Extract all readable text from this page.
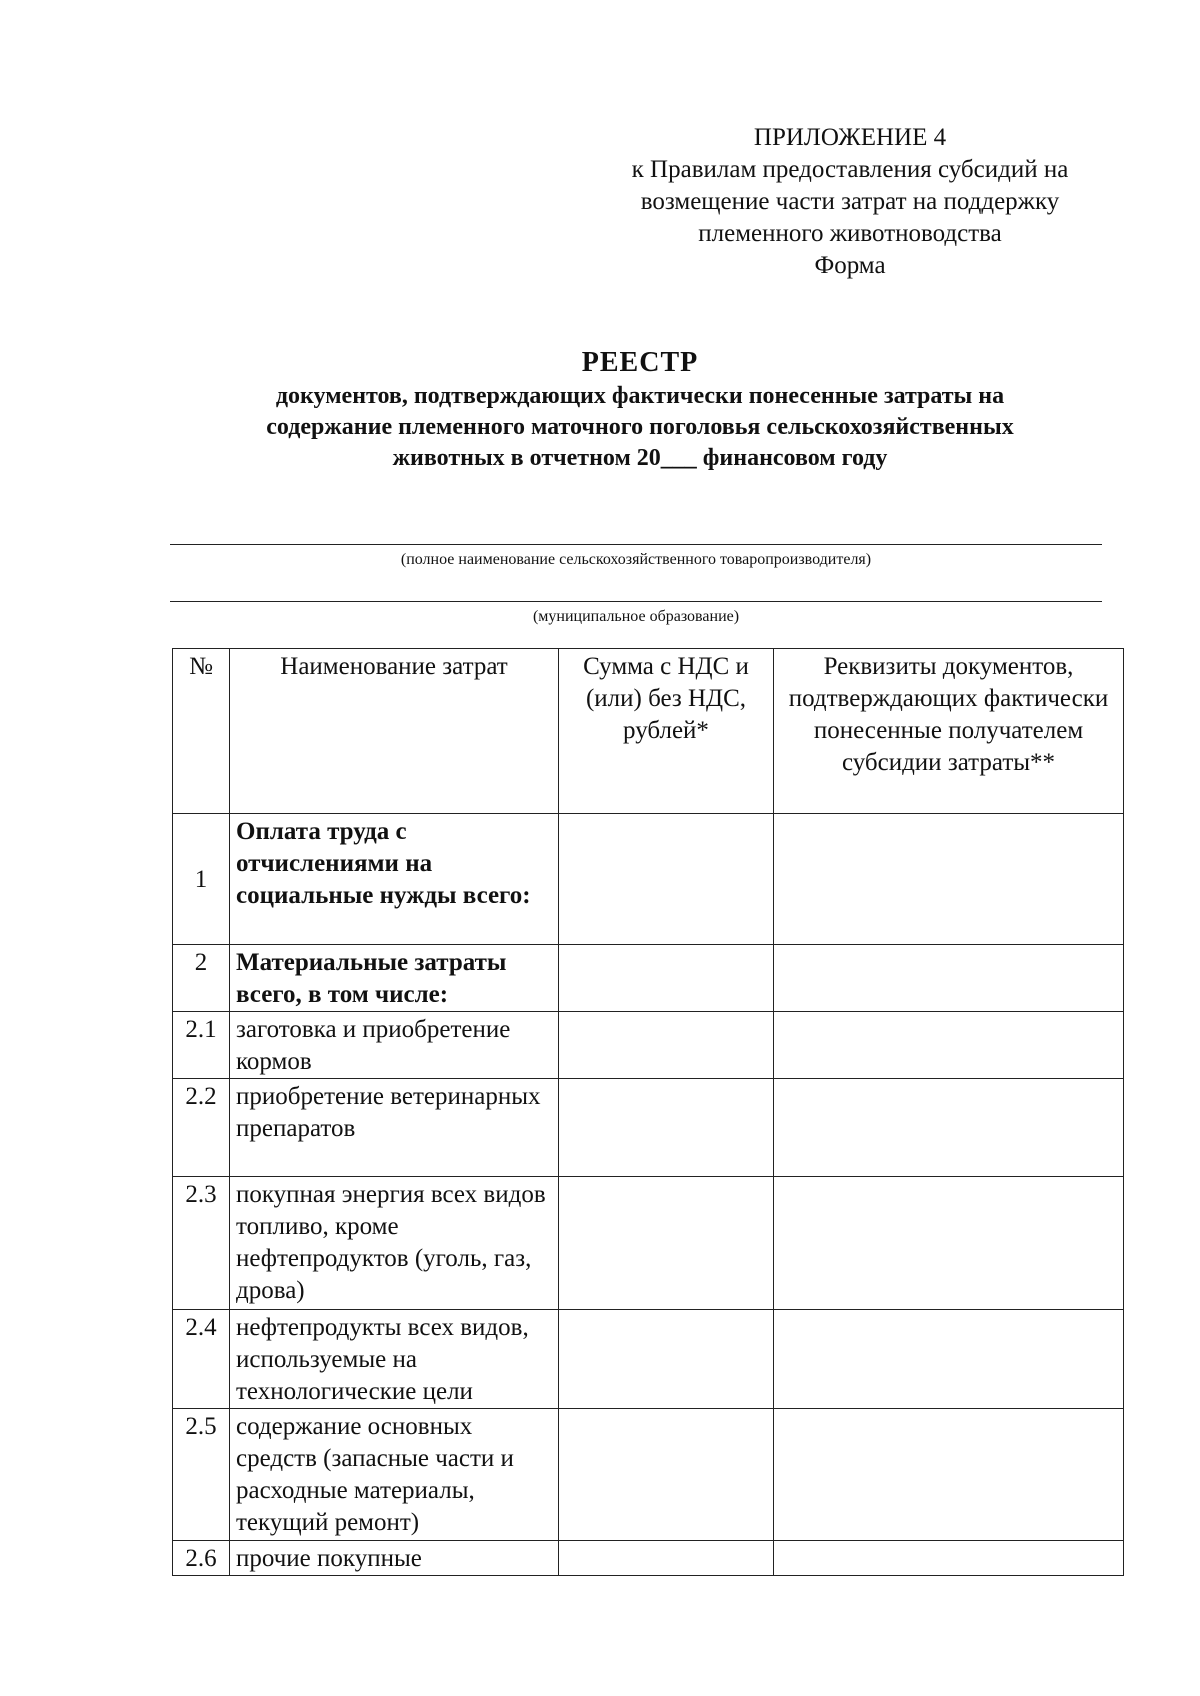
ПРИЛОЖЕНИЕ 4
к Правилам предоставления субсидий на
возмещение части затрат на поддержку
племенного животноводства
Форма
РЕЕСТР
документов, подтверждающих фактически понесенные затраты на
содержание племенного маточного поголовья сельскохозяйственных
животных в отчетном 20___ финансовом году
(полное наименование сельскохозяйственного товаропроизводителя)
(муниципальное образование)
№	Наименование затрат	Сумма с НДС и (или) без НДС, рублей*	Реквизиты документов, подтверждающих фактически понесенные получателем субсидии затраты**
1	Оплата труда с отчислениями на социальные нужды всего:		
2	Материальные затраты всего, в том числе:		
2.1	заготовка и приобретение кормов		
2.2	приобретение ветеринарных препаратов		
2.3	покупная энергия всех видов топливо, кроме нефтепродуктов (уголь, газ, дрова)		
2.4	нефтепродукты всех видов, используемые на технологические цели		
2.5	содержание основных средств (запасные части и расходные материалы, текущий ремонт)		
2.6	прочие покупные		
